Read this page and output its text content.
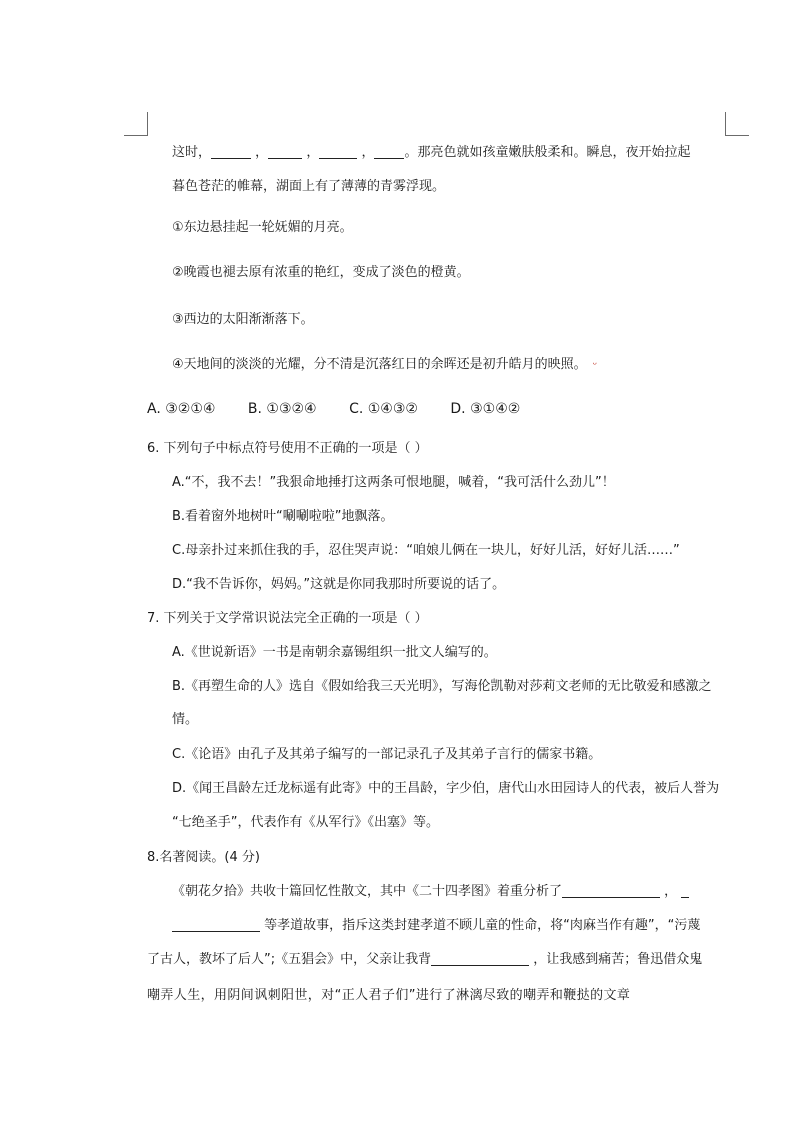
这时，	，	，	， 。那亮色就如孩童嫩肤般柔和。瞬息，夜开始拉起
暮色苍茫的帷幕，湖面上有了薄薄的青雾浮现。
①东边悬挂起一轮妩媚的月亮。
②晚霞也褪去原有浓重的艳红，变成了淡色的橙黄。
③西边的太阳渐渐落下。
④天地间的淡淡的光耀，分不清是沉落红日的余晖还是初升皓月的映照。 ᵕ
A. ③②①④ B. ①③②④ C. ①④③② D. ③①④②
6. 下列句子中标点符号使用不正确的一项是（ ）
A.“不，我不去！”我狠命地捶打这两条可恨地腿，喊着，“我可活什么劲儿”！
B.看着窗外地树叶“唰唰啦啦”地飘落。
C.母亲扑过来抓住我的手，忍住哭声说：“咱娘儿俩在一块儿，好好儿活，好好儿活……”
D.“我不告诉你，妈妈。”这就是你同我那时所要说的话了。
7. 下列关于文学常识说法完全正确的一项是（ ）
A.《世说新语》一书是南朝余嘉锡组织一批文人编写的。
B.《再塑生命的人》选自《假如给我三天光明》，写海伦凯勒对莎莉文老师的无比敬爱和感激之
情。
C.《论语》由孔子及其弟子编写的一部记录孔子及其弟子言行的儒家书籍。
D.《闻王昌龄左迁龙标遥有此寄》中的王昌龄，字少伯，唐代山水田园诗人的代表，被后人誉为
“七绝圣手”，代表作有《从军行》《出塞》等。
8.名著阅读。(4 分)
《朝花夕拾》共收十篇回忆性散文，其中《二十四孝图》着重分析了	，
等孝道故事，指斥这类封建孝道不顾儿童的性命，将“肉麻当作有趣”，“污蔑
了古人，教坏了后人”;《五猖会》中，父亲让我背	，让我感到痛苦；鲁迅借众鬼
嘲弄人生，用阴间讽刺阳世，对“正人君子们”进行了淋漓尽致的嘲弄和鞭挞的文章
